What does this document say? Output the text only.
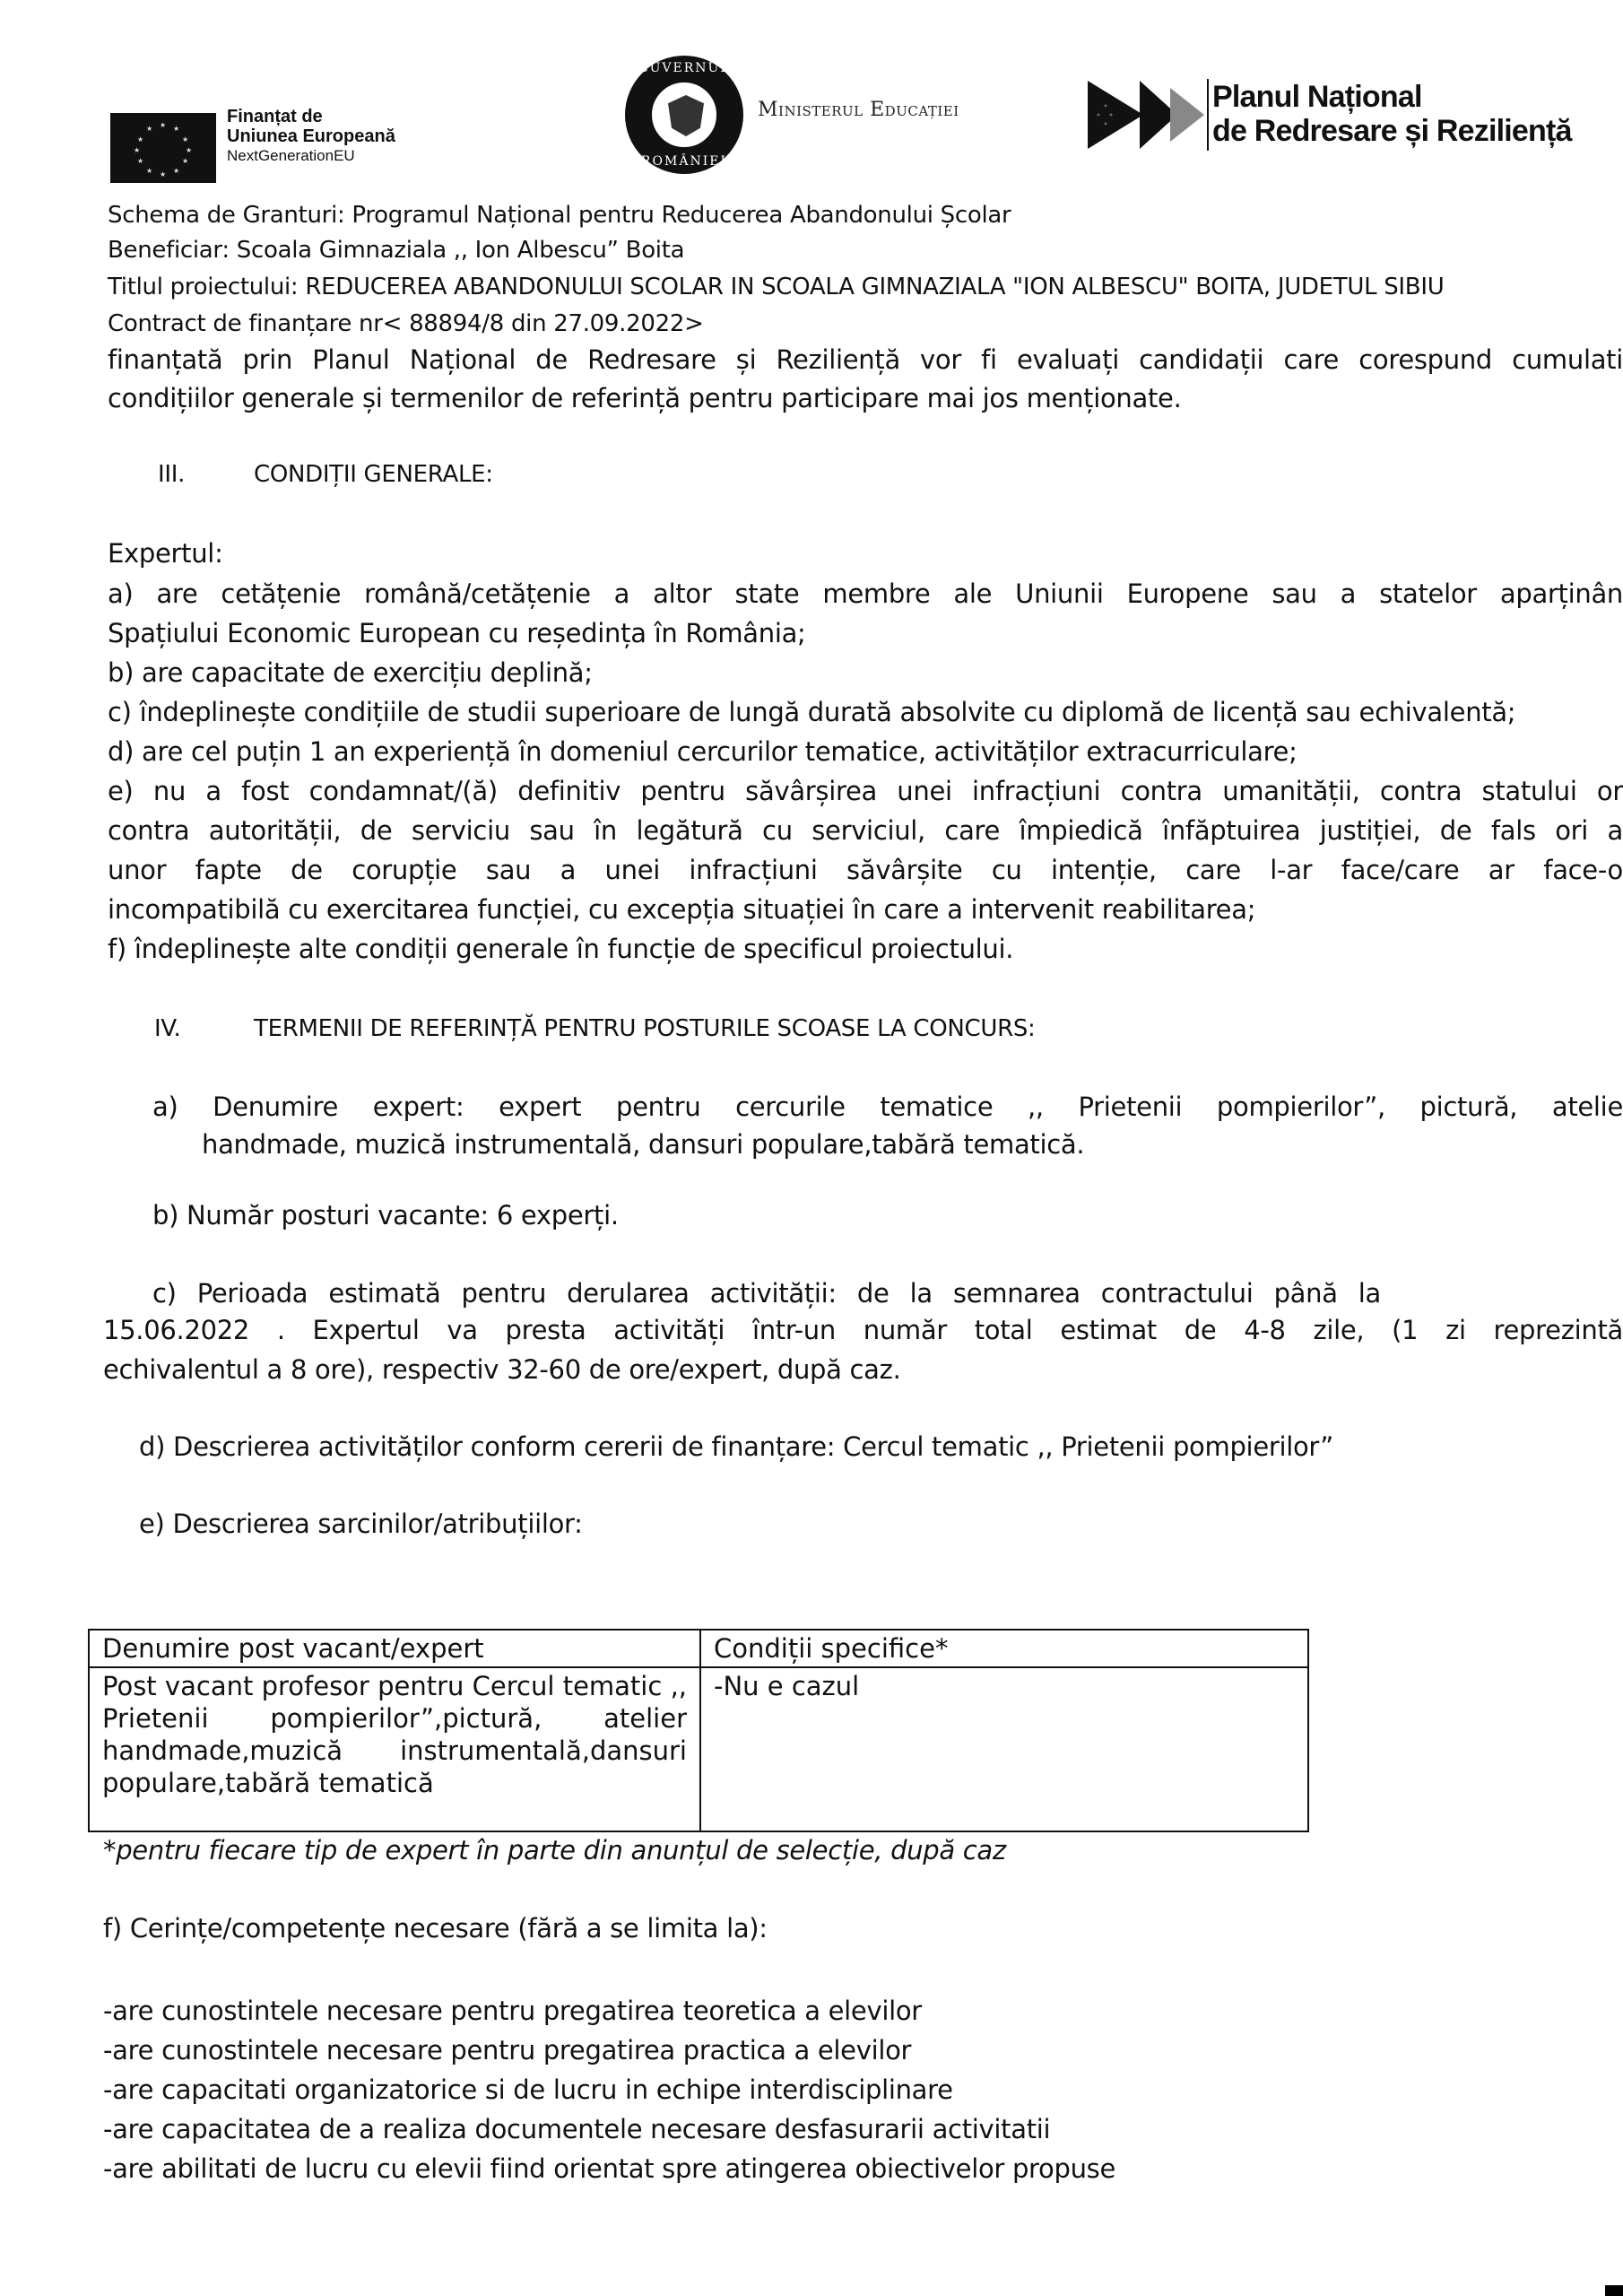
★ ★
★
★
★
★
★
★
★
★
★
★
Finanțat de
Uniunea Europeană
NextGenerationEU
GUVERNUL
ROMÂNIEI
Ministerul Educației	Planul Național
de Redresare și Reziliență
Schema de Granturi: Programul Național pentru Reducerea Abandonului Școlar
Beneficiar: Scoala Gimnaziala ,, Ion Albescu” Boita
Titlul proiectului: REDUCEREA ABANDONULUI SCOLAR IN SCOALA GIMNAZIALA "ION ALBESCU" BOITA, JUDETUL SIBIU
Contract de finanțare nr< 88894/8 din 27.09.2022>
finanțată prin Planul Național de Redresare și Reziliență vor fi evaluați candidații care corespund cumulati
condițiilor generale și termenilor de referință pentru participare mai jos menționate.
III.	CONDIȚII GENERALE:
Expertul:
a) are cetățenie română/cetățenie a altor state membre ale Uniunii Europene sau a statelor aparținân
Spațiului Economic European cu reședința în România;
b) are capacitate de exercițiu deplină;
c) îndeplinește condițiile de studii superioare de lungă durată absolvite cu diplomă de licență sau echivalentă;
d) are cel puțin 1 an experiență în domeniul cercurilor tematice, activităților extracurriculare;
e) nu a fost condamnat/(ă) definitiv pentru săvârșirea unei infracțiuni contra umanității, contra statului or
contra autorității, de serviciu sau în legătură cu serviciul, care împiedică înfăptuirea justiției, de fals ori a
unor fapte de corupție sau a unei infracțiuni săvârșite cu intenție, care l-ar face/care ar face-o
incompatibilă cu exercitarea funcției, cu excepția situației în care a intervenit reabilitarea;
f) îndeplinește alte condiții generale în funcție de specificul proiectului.
IV.	TERMENII DE REFERINȚĂ PENTRU POSTURILE SCOASE LA CONCURS:
a) Denumire expert: expert pentru cercurile tematice ,, Prietenii pompierilor”, pictură, atelie
handmade, muzică instrumentală, dansuri populare,tabără tematică.
b) Număr posturi vacante: 6 experți.
c) Perioada estimată pentru derularea activității: de la semnarea contractului până la
15.06.2022 . Expertul va presta activități într-un număr total estimat de 4-8 zile, (1 zi reprezintă
echivalentul a 8 ore), respectiv 32-60 de ore/expert, după caz.
d) Descrierea activităților conform cererii de finanțare: Cercul tematic ,, Prietenii pompierilor”
e) Descrierea sarcinilor/atribuțiilor:
Denumire post vacant/expert	Condiții specifice*
Post vacant profesor pentru Cercul tematic ,, Prietenii pompierilor”,pictură, atelier handmade,muzică instrumentală,dansuri populare,tabără tematică	-Nu e cazul
*pentru fiecare tip de expert în parte din anunțul de selecție, după caz
f) Cerințe/competențe necesare (fără a se limita la):
-are cunostintele necesare pentru pregatirea teoretica a elevilor
-are cunostintele necesare pentru pregatirea practica a elevilor
-are capacitati organizatorice si de lucru in echipe interdisciplinare
-are capacitatea de a realiza documentele necesare desfasurarii activitatii
-are abilitati de lucru cu elevii fiind orientat spre atingerea obiectivelor propuse
